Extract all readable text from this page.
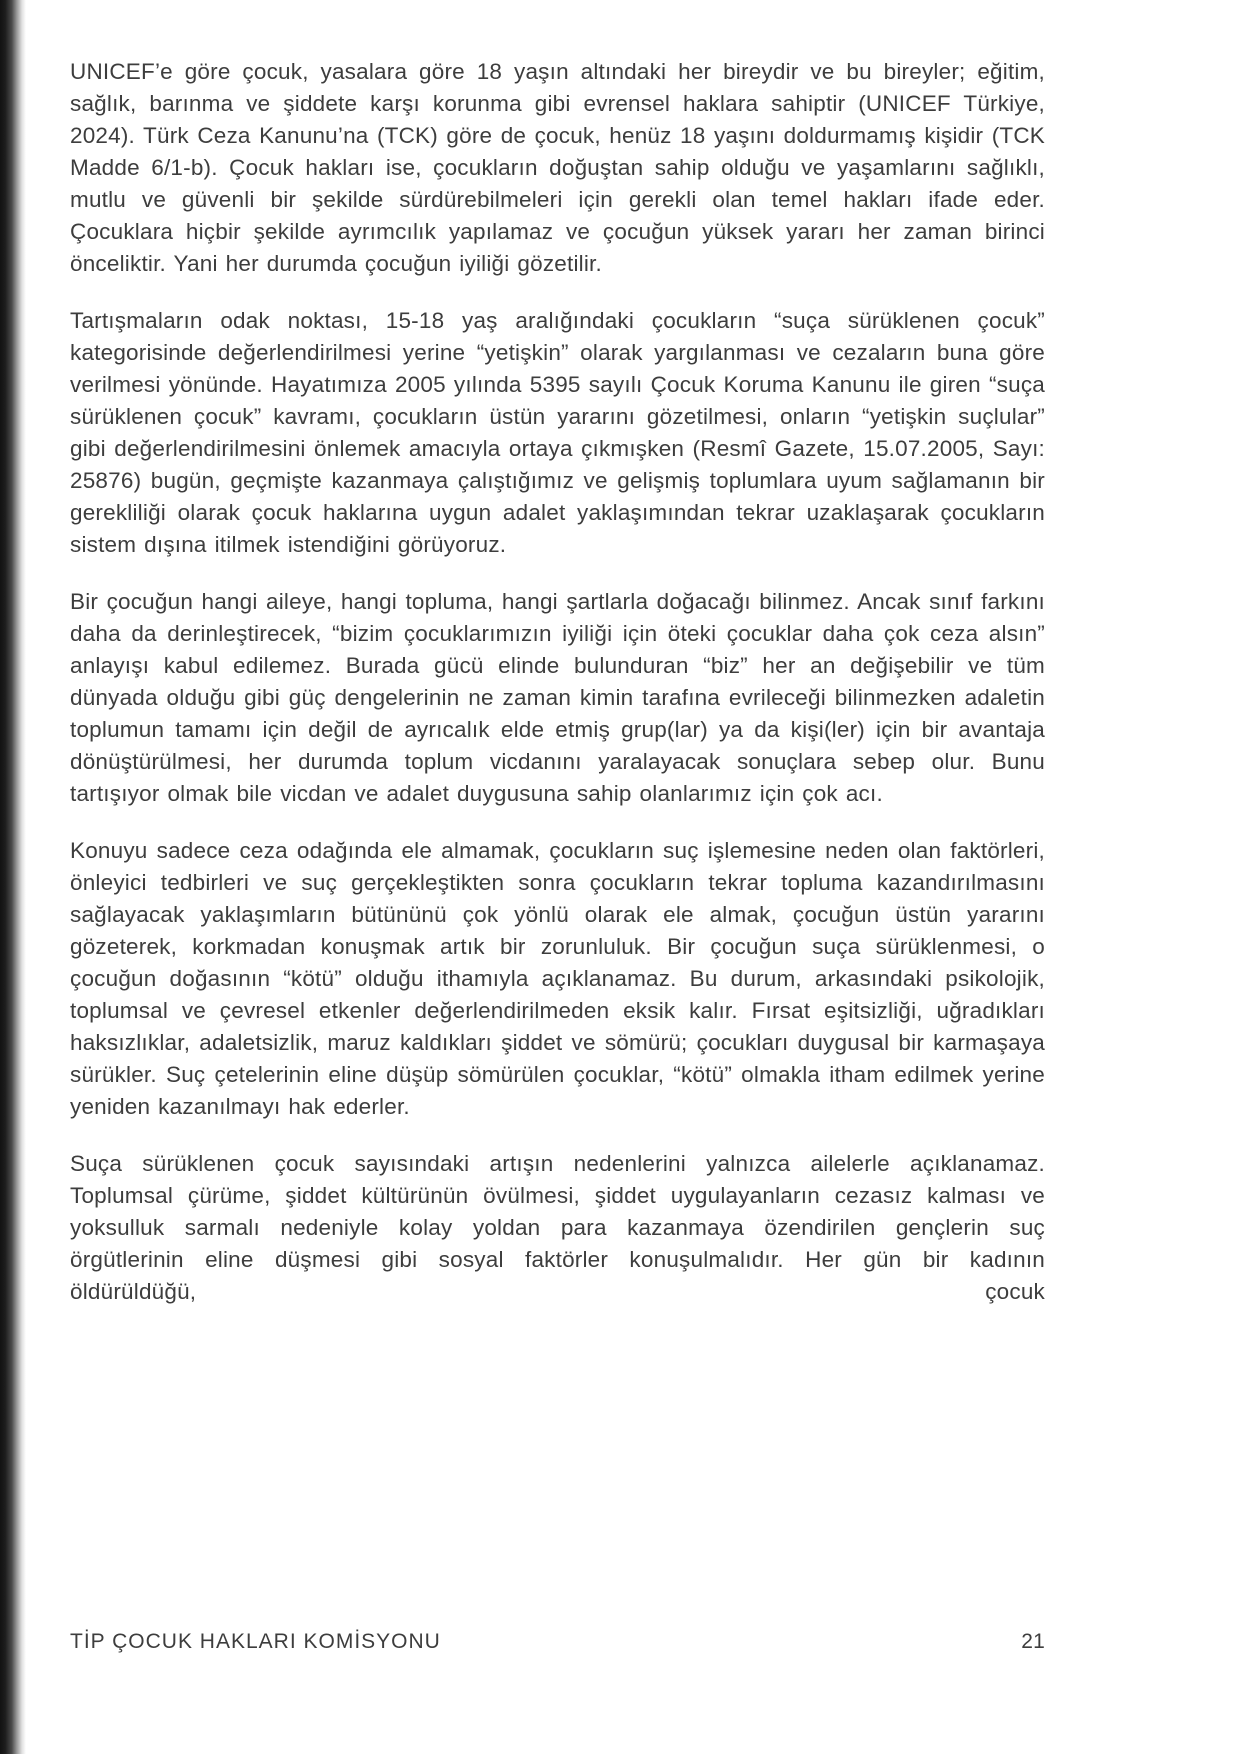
UNICEF’e göre çocuk, yasalara göre 18 yaşın altındaki her bireydir ve bu bireyler; eğitim, sağlık, barınma ve şiddete karşı korunma gibi evrensel haklara sahiptir (UNICEF Türkiye, 2024). Türk Ceza Kanunu’na (TCK) göre de çocuk, henüz 18 yaşını doldurmamış kişidir (TCK Madde 6/1-b). Çocuk hakları ise, çocukların doğuştan sahip olduğu ve yaşamlarını sağlıklı, mutlu ve güvenli bir şekilde sürdürebilmeleri için gerekli olan temel hakları ifade eder. Çocuklara hiçbir şekilde ayrımcılık yapılamaz ve çocuğun yüksek yararı her zaman birinci önceliktir. Yani her durumda çocuğun iyiliği gözetilir.

Tartışmaların odak noktası, 15-18 yaş aralığındaki çocukların “suça sürüklenen çocuk” kategorisinde değerlendirilmesi yerine “yetişkin” olarak yargılanması ve cezaların buna göre verilmesi yönünde. Hayatımıza 2005 yılında 5395 sayılı Çocuk Koruma Kanunu ile giren “suça sürüklenen çocuk” kavramı, çocukların üstün yararını gözetilmesi, onların “yetişkin suçlular” gibi değerlendirilmesini önlemek amacıyla ortaya çıkmışken (Resmî Gazete, 15.07.2005, Sayı: 25876) bugün, geçmişte kazanmaya çalıştığımız ve gelişmiş toplumlara uyum sağlamanın bir gerekliliği olarak çocuk haklarına uygun adalet yaklaşımından tekrar uzaklaşarak çocukların sistem dışına itilmek istendiğini görüyoruz.

Bir çocuğun hangi aileye, hangi topluma, hangi şartlarla doğacağı bilinmez. Ancak sınıf farkını daha da derinleştirecek, “bizim çocuklarımızın iyiliği için öteki çocuklar daha çok ceza alsın” anlayışı kabul edilemez. Burada gücü elinde bulunduran “biz” her an değişebilir ve tüm dünyada olduğu gibi güç dengelerinin ne zaman kimin tarafına evrileceği bilinmezken adaletin toplumun tamamı için değil de ayrıcalık elde etmiş grup(lar) ya da kişi(ler) için bir avantaja dönüştürülmesi, her durumda toplum vicdanını yaralayacak sonuçlara sebep olur. Bunu tartışıyor olmak bile vicdan ve adalet duygusuna sahip olanlarımız için çok acı.

Konuyu sadece ceza odağında ele almamak, çocukların suç işlemesine neden olan faktörleri, önleyici tedbirleri ve suç gerçekleştikten sonra çocukların tekrar topluma kazandırılmasını sağlayacak yaklaşımların bütününü çok yönlü olarak ele almak, çocuğun üstün yararını gözeterek, korkmadan konuşmak artık bir zorunluluk. Bir çocuğun suça sürüklenmesi, o çocuğun doğasının “kötü” olduğu ithamıyla açıklanamaz. Bu durum, arkasındaki psikolojik, toplumsal ve çevresel etkenler değerlendirilmeden eksik kalır. Fırsat eşitsizliği, uğradıkları haksızlıklar, adaletsizlik, maruz kaldıkları şiddet ve sömürü; çocukları duygusal bir karmaşaya sürükler. Suç çetelerinin eline düşüp sömürülen çocuklar, “kötü” olmakla itham edilmek yerine yeniden kazanılmayı hak ederler.

Suça sürüklenen çocuk sayısındaki artışın nedenlerini yalnızca ailelerle açıklanamaz. Toplumsal çürüme, şiddet kültürünün övülmesi, şiddet uygulayanların cezasız kalması ve yoksulluk sarmalı nedeniyle kolay yoldan para kazanmaya özendirilen gençlerin suç örgütlerinin eline düşmesi gibi sosyal faktörler konuşulmalıdır. Her gün bir kadının öldürüldüğü, çocuk

TİP ÇOCUK HAKLARI KOMİSYONU	21
